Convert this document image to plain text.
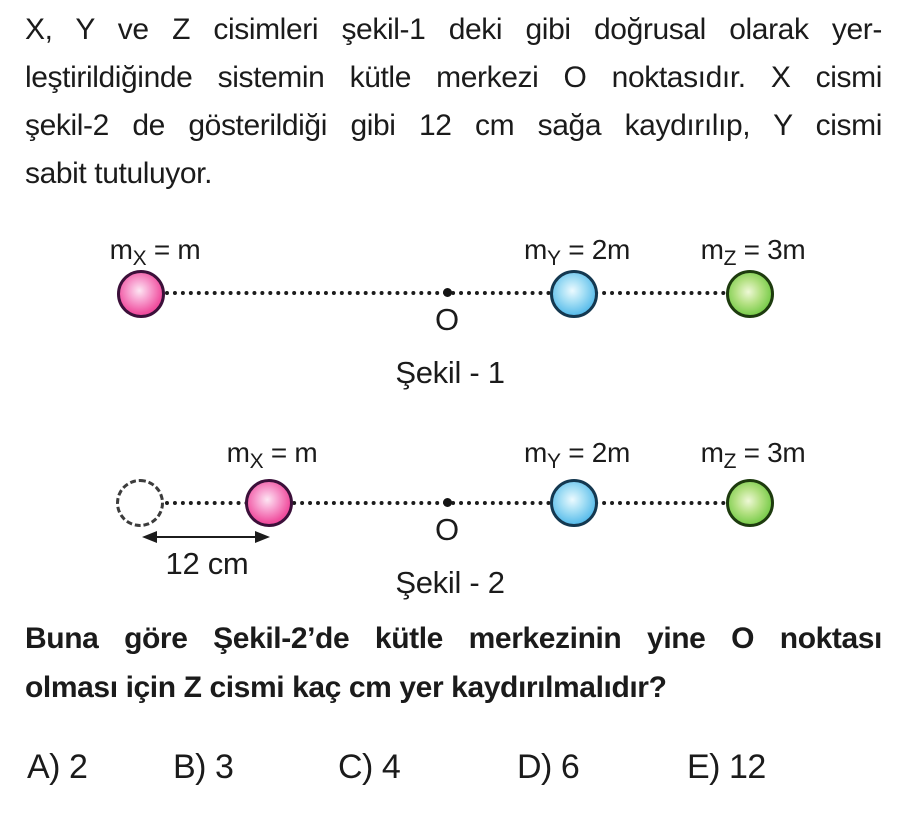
X, Y ve Z cisimleri şekil-1 deki gibi doğrusal olarak yer-
leştirildiğinde sistemin kütle merkezi O noktasıdır. X cismi
şekil-2 de gösterildiği gibi 12 cm sağa kaydırılıp, Y cismi
sabit tutuluyor.
$m_X = m$	$m_Y = 2m$	$m_Z = 3m$
O
Şekil - 1
$m_X = m$	$m_Y = 2m$	$m_Z = 3m$
O
12 cm
Şekil - 2
Buna göre Şekil-2’de kütle merkezinin yine O noktası
olması için Z cismi kaç cm yer kaydırılmalıdır?
A) 2	B) 3	C) 4	D) 6	E) 12
